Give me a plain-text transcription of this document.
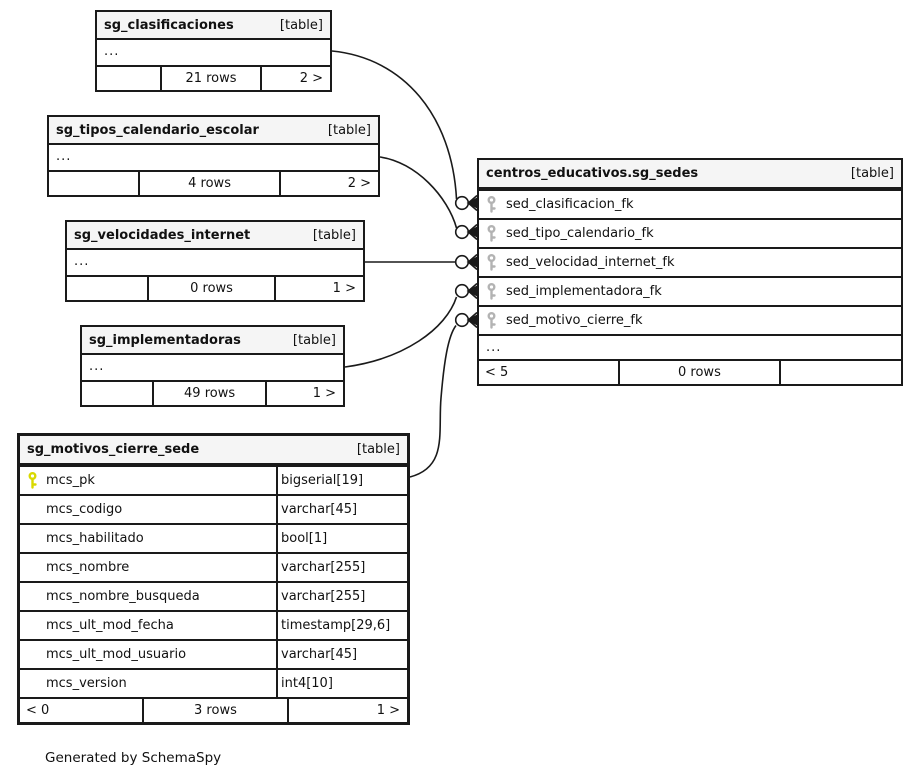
sg_clasificaciones	[table]
...
21 rows	2 >
sg_tipos_calendario_escolar	[table]
...
4 rows	2 >
sg_velocidades_internet	[table]
...
0 rows	1 >
sg_implementadoras	[table]
...
49 rows	1 >
sg_motivos_cierre_sede	[table]
mcs_pk	bigserial[19]
mcs_codigo	varchar[45]
mcs_habilitado	bool[1]
mcs_nombre	varchar[255]
mcs_nombre_busqueda	varchar[255]
mcs_ult_mod_fecha	timestamp[29,6]
mcs_ult_mod_usuario	varchar[45]
mcs_version	int4[10]
< 0	3 rows	1 >
centros_educativos.sg_sedes	[table]
sed_clasificacion_fk
sed_tipo_calendario_fk
sed_velocidad_internet_fk
sed_implementadora_fk
sed_motivo_cierre_fk
...
< 5	0 rows
Generated by SchemaSpy
